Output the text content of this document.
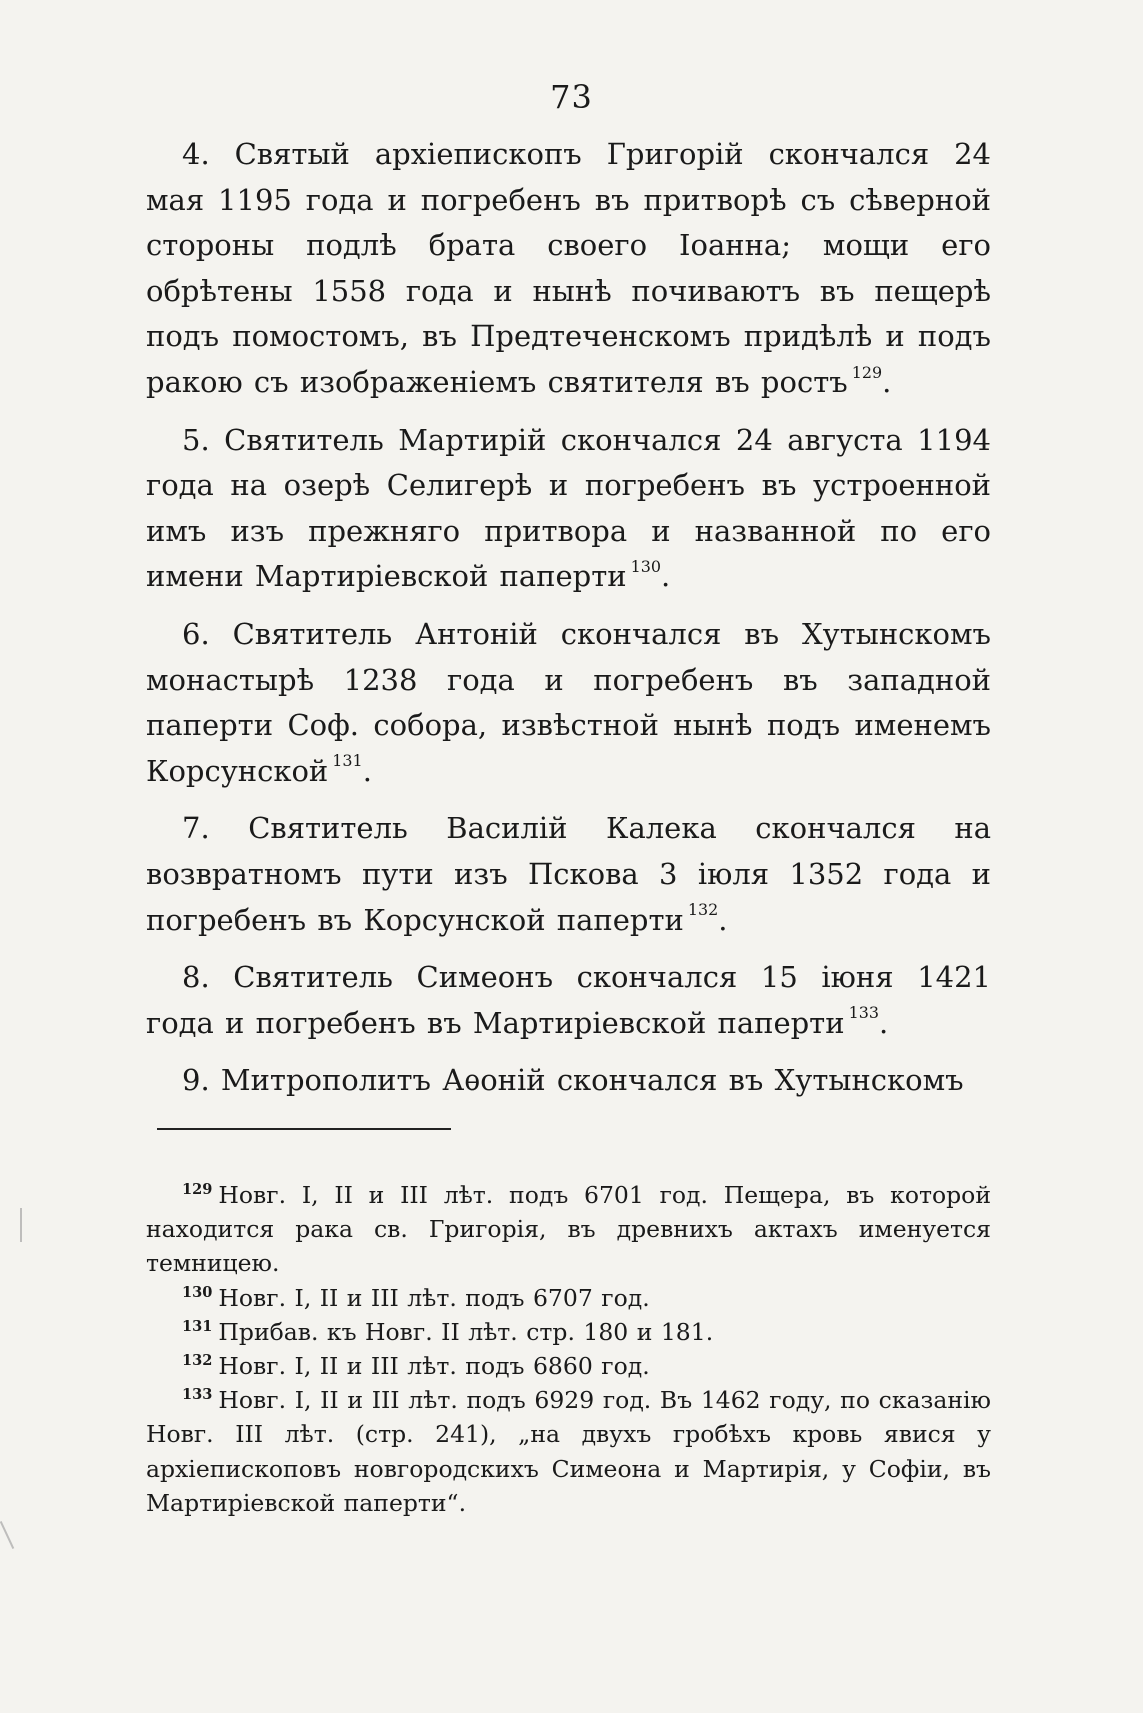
73

4. Святый архіепископъ Григорій скончался 24 мая 1195 года и погребенъ въ притворѣ съ сѣверной стороны подлѣ брата своего Іоанна; мощи его обрѣтены 1558 года и нынѣ почиваютъ въ пещерѣ подъ помостомъ, въ Предтеченскомъ придѣлѣ и подъ ракою съ изображеніемъ святителя въ ростъ $^{129}$.

5. Святитель Мартирій скончался 24 августа 1194 года на озерѣ Селигерѣ и погребенъ въ устроенной имъ изъ прежняго притвора и названной по его имени Мартиріевской паперти $^{130}$.

6. Святитель Антоній скончался въ Хутынскомъ монастырѣ 1238 года и погребенъ въ западной паперти Соф. собора, извѣстной нынѣ подъ именемъ Корсунской $^{131}$.

7. Святитель Василій Калека скончался на возвратномъ пути изъ Пскова 3 іюля 1352 года и погребенъ въ Корсунской паперти $^{132}$.

8. Святитель Симеонъ скончался 15 іюня 1421 года и погребенъ въ Мартиріевской паперти $^{133}$.

9. Митрополитъ Аѳоній скончался въ Хутынскомъ

$^{129}$ Новг. I, II и III лѣт. подъ 6701 год. Пещера, въ которой находится рака св. Григорія, въ древнихъ актахъ именуется темницею.

$^{130}$ Новг. I, II и III лѣт. подъ 6707 год.

$^{131}$ Прибав. къ Новг. II лѣт. стр. 180 и 181.

$^{132}$ Новг. I, II и III лѣт. подъ 6860 год.

$^{133}$ Новг. I, II и III лѣт. подъ 6929 год. Въ 1462 году, по сказанію Новг. III лѣт. (стр. 241), „на двухъ гробѣхъ кровь явися у архіепископовъ новгородскихъ Симеона и Мартирія, у Софіи, въ Мартиріевской паперти“.
